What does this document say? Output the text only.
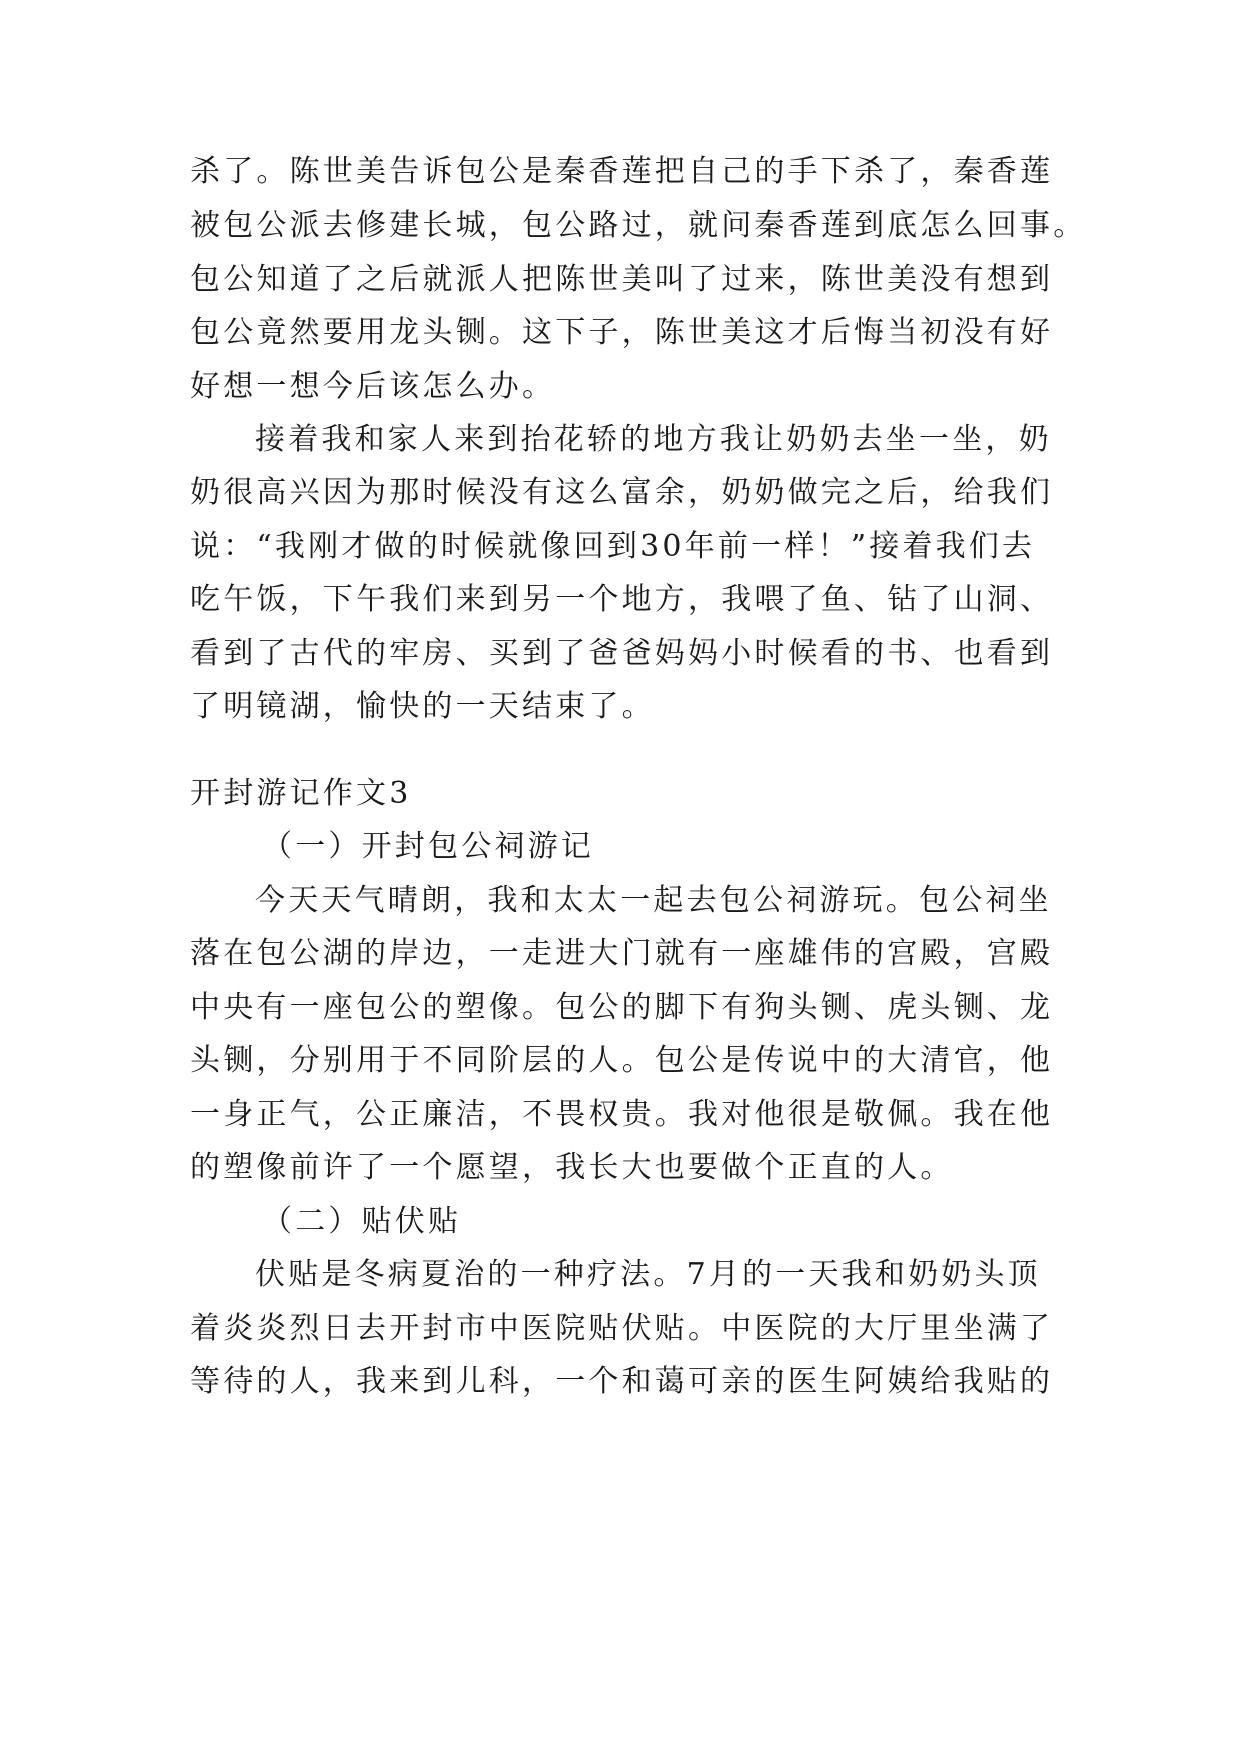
杀了。陈世美告诉包公是秦香莲把自己的手下杀了，秦香莲
被包公派去修建长城，包公路过，就问秦香莲到底怎么回事。
包公知道了之后就派人把陈世美叫了过来，陈世美没有想到
包公竟然要用龙头铡。这下子，陈世美这才后悔当初没有好
好想一想今后该怎么办。
接着我和家人来到抬花轿的地方我让奶奶去坐一坐，奶
奶很高兴因为那时候没有这么富余，奶奶做完之后，给我们
说：“我刚才做的时候就像回到30年前一样！”接着我们去
吃午饭，下午我们来到另一个地方，我喂了鱼、钻了山洞、
看到了古代的牢房、买到了爸爸妈妈小时候看的书、也看到
了明镜湖，愉快的一天结束了。
开封游记作文3
（一）开封包公祠游记
今天天气晴朗，我和太太一起去包公祠游玩。包公祠坐
落在包公湖的岸边，一走进大门就有一座雄伟的宫殿，宫殿
中央有一座包公的塑像。包公的脚下有狗头铡、虎头铡、龙
头铡，分别用于不同阶层的人。包公是传说中的大清官，他
一身正气，公正廉洁，不畏权贵。我对他很是敬佩。我在他
的塑像前许了一个愿望，我长大也要做个正直的人。
（二）贴伏贴
伏贴是冬病夏治的一种疗法。7月的一天我和奶奶头顶
着炎炎烈日去开封市中医院贴伏贴。中医院的大厅里坐满了
等待的人，我来到儿科，一个和蔼可亲的医生阿姨给我贴的
